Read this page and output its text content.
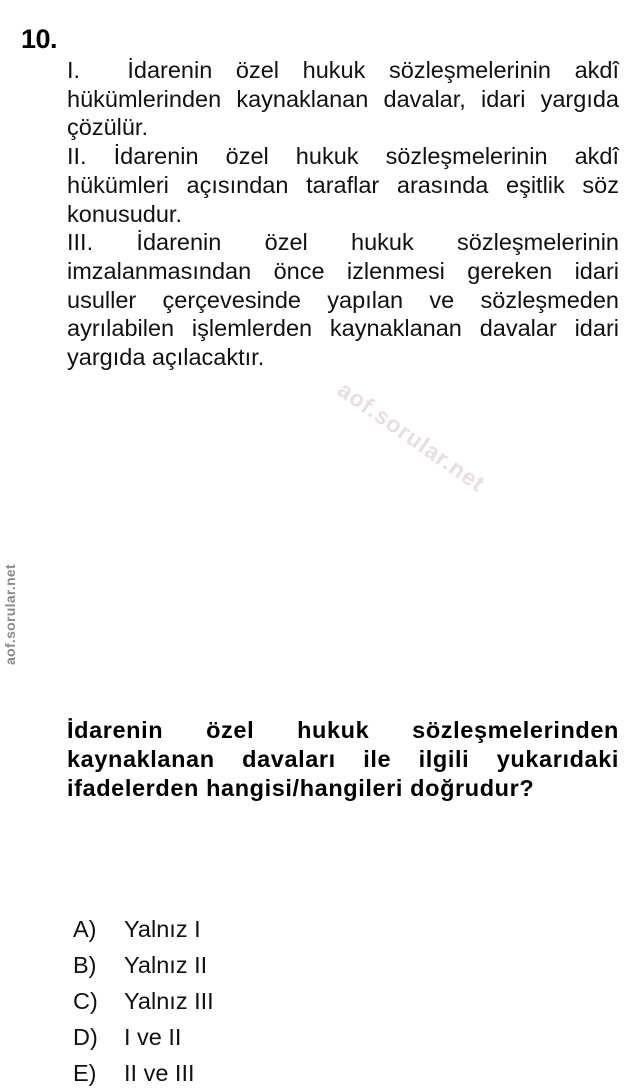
aof.sorular.net
10.

I. İdarenin özel hukuk sözleşmelerinin akdî hükümlerinden kaynaklanan davalar, idari yargıda çözülür.

II. İdarenin özel hukuk sözleşmelerinin akdî hükümleri açısından taraflar arasında eşitlik söz konusudur.

III. İdarenin özel hukuk sözleşmelerinin imzalanmasından önce izlenmesi gereken idari usuller çerçevesinde yapılan ve sözleşmeden ayrılabilen işlemlerden kaynaklanan davalar idari yargıda açılacaktır.

İdarenin özel hukuk sözleşmelerinden kaynaklanan davaları ile ilgili yukarıdaki ifadelerden hangisi/hangileri doğrudur?
A)	Yalnız I
B)	Yalnız II
C)	Yalnız III
D)	I ve II
E)	II ve III
aof.sorular.net
